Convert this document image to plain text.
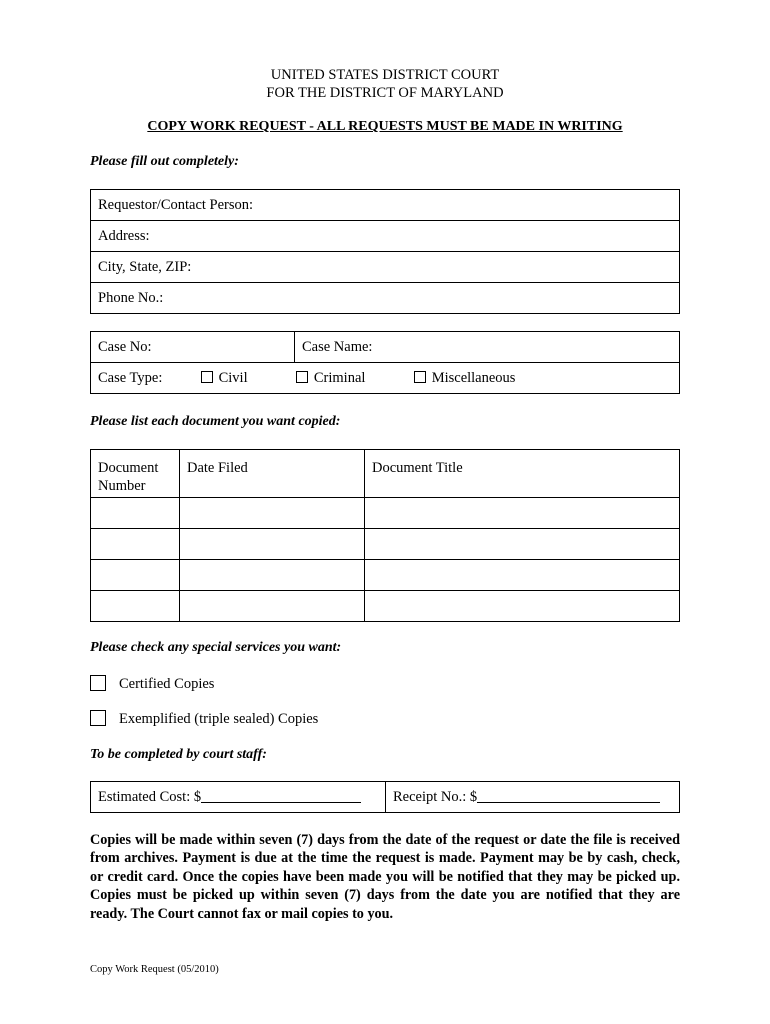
UNITED STATES DISTRICT COURT
FOR THE DISTRICT OF MARYLAND
COPY WORK REQUEST - ALL REQUESTS MUST BE MADE IN WRITING
Please fill out completely:
Requestor/Contact Person:
Address:
City, State, ZIP:
Phone No.:
Case No:	Case Name:
Case Type:	Civil	Criminal	Miscellaneous
Please list each document you want copied:
Document
Number	Date Filed	Document Title

Please check any special services you want:
Certified Copies
Exemplified (triple sealed) Copies
To be completed by court staff:
Estimated Cost: $	Receipt No.: $
Copies will be made within seven (7) days from the date of the request or date the file is received from archives. Payment is due at the time the request is made. Payment may be by cash, check, or credit card. Once the copies have been made you will be notified that they may be picked up. Copies must be picked up within seven (7) days from the date you are notified that they are ready. The Court cannot fax or mail copies to you.
Copy Work Request (05/2010)
